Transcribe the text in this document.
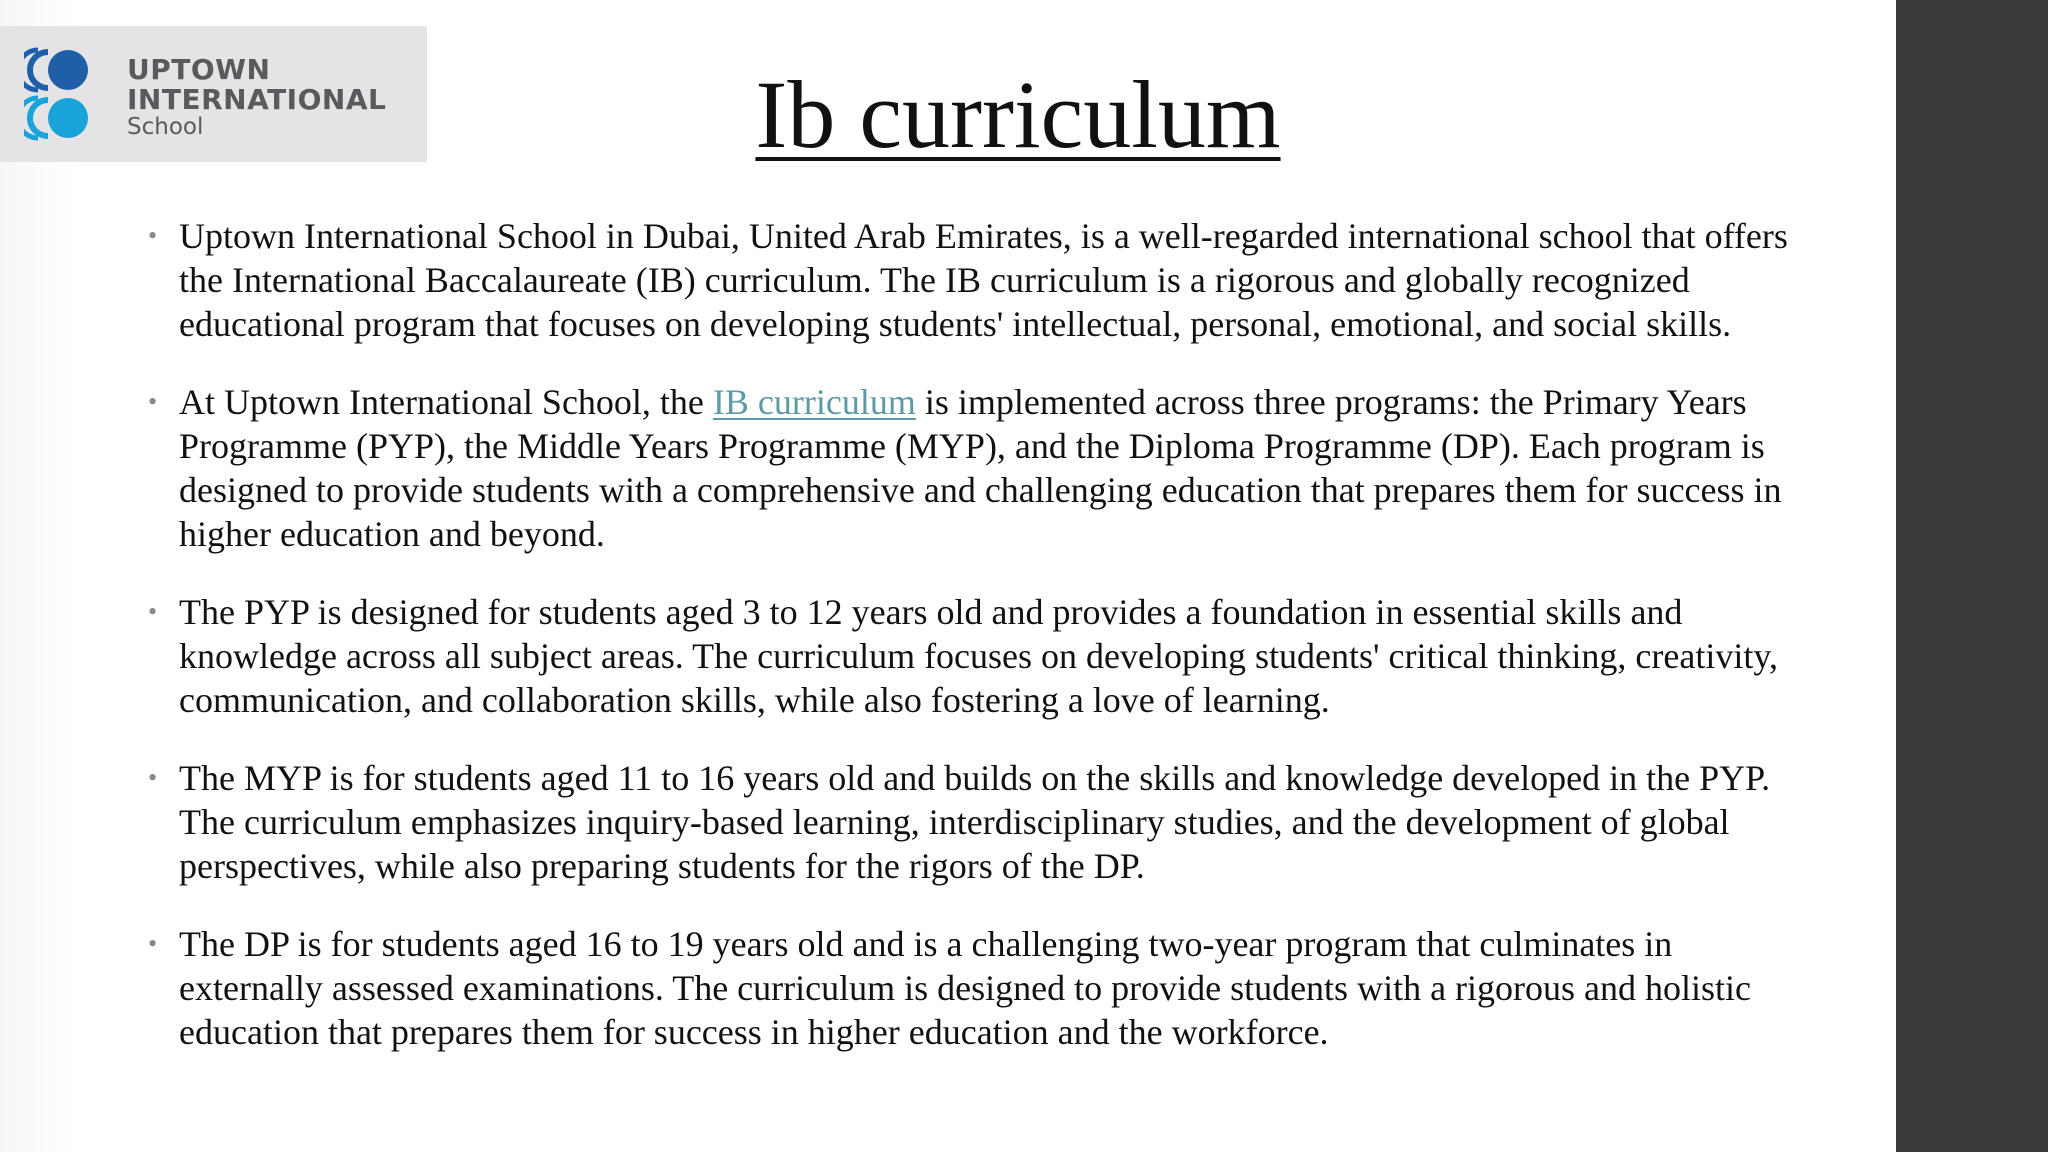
UPTOWN
INTERNATIONAL
School	Ib curriculum
• Uptown International School in Dubai, United Arab Emirates, is a well-regarded international school that offers the International Baccalaureate (IB) curriculum. The IB curriculum is a rigorous and globally recognized educational program that focuses on developing students' intellectual, personal, emotional, and social skills.
• At Uptown International School, the IB curriculum is implemented across three programs: the Primary Years Programme (PYP), the Middle Years Programme (MYP), and the Diploma Programme (DP). Each program is designed to provide students with a comprehensive and challenging education that prepares them for success in higher education and beyond.
• The PYP is designed for students aged 3 to 12 years old and provides a foundation in essential skills and knowledge across all subject areas. The curriculum focuses on developing students' critical thinking, creativity, communication, and collaboration skills, while also fostering a love of learning.
• The MYP is for students aged 11 to 16 years old and builds on the skills and knowledge developed in the PYP. The curriculum emphasizes inquiry-based learning, interdisciplinary studies, and the development of global perspectives, while also preparing students for the rigors of the DP.
• The DP is for students aged 16 to 19 years old and is a challenging two-year program that culminates in externally assessed examinations. The curriculum is designed to provide students with a rigorous and holistic education that prepares them for success in higher education and the workforce.
